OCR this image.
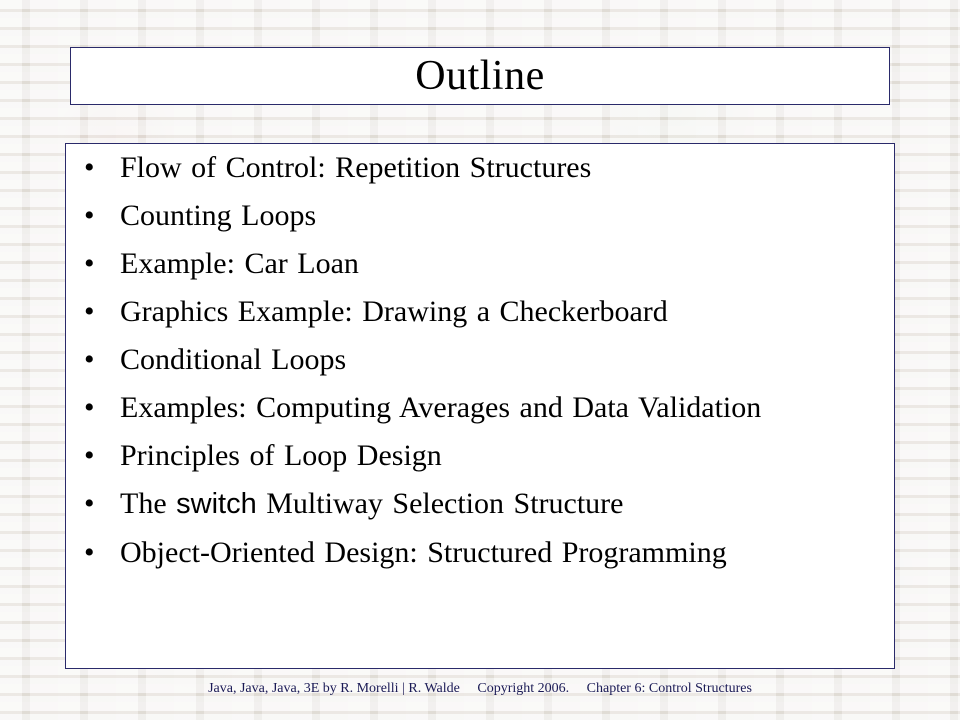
Outline
• Flow of Control: Repetition Structures
• Counting Loops
• Example: Car Loan
• Graphics Example: Drawing a Checkerboard
• Conditional Loops
• Examples: Computing Averages and Data Validation
• Principles of Loop Design
• The switch Multiway Selection Structure
• Object-Oriented Design: Structured Programming
Java, Java, Java, 3E by R. Morelli | R. Walde Copyright 2006. Chapter 6: Control Structures
